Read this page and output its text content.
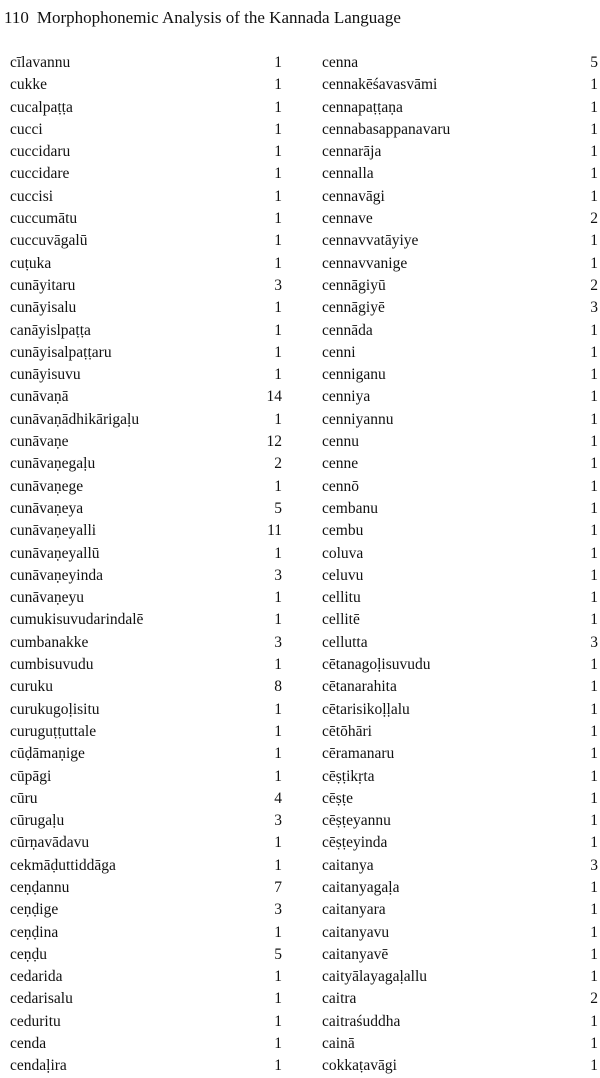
110 Morphophonemic Analysis of the Kannada Language
cīlavannu	1
cukke	1
cucalpaṭṭa	1
cucci	1
cuccidaru	1
cuccidare	1
cuccisi	1
cuccumātu	1
cuccuvāgalū	1
cuṭuka	1
cunāyitaru	3
cunāyisalu	1
canāyislpaṭṭa	1
cunāyisalpaṭṭaru	1
cunāyisuvu	1
cunāvaṇā	14
cunāvaṇādhikārigaḷu	1
cunāvaṇe	12
cunāvaṇegaḷu	2
cunāvaṇege	1
cunāvaṇeya	5
cunāvaṇeyalli	11
cunāvaṇeyallū	1
cunāvaṇeyinda	3
cunāvaṇeyu	1
cumukisuvudarindalē	1
cumbanakke	3
cumbisuvudu	1
curuku	8
curukugoḷisitu	1
curuguṭṭuttale	1
cūḍāmaṇige	1
cūpāgi	1
cūru	4
cūrugaḷu	3
cūrṇavādavu	1
cekmāḍuttiddāga	1
ceṇḍannu	7
ceṇḍige	3
ceṇḍina	1
ceṇḍu	5
cedarida	1
cedarisalu	1
ceduritu	1
cenda	1
cendaḷira	1
cenna	5
cennakēśavasvāmi	1
cennapaṭṭaṇa	1
cennabasappanavaru	1
cennarāja	1
cennalla	1
cennavāgi	1
cennave	2
cennavvatāyiye	1
cennavvanige	1
cennāgiyū	2
cennāgiyē	3
cennāda	1
cenni	1
cenniganu	1
cenniya	1
cenniyannu	1
cennu	1
cenne	1
cennō	1
cembanu	1
cembu	1
coluva	1
celuvu	1
cellitu	1
cellitē	1
cellutta	3
cētanagoḷisuvudu	1
cētanarahita	1
cētarisikoḷḷalu	1
cētōhāri	1
cēramanaru	1
cēṣṭikṛta	1
cēṣṭe	1
cēṣṭeyannu	1
cēṣṭeyinda	1
caitanya	3
caitanyagaḷa	1
caitanyara	1
caitanyavu	1
caitanyavē	1
caityālayagaḷallu	1
caitra	2
caitraśuddha	1
cainā	1
cokkaṭavāgi	1
